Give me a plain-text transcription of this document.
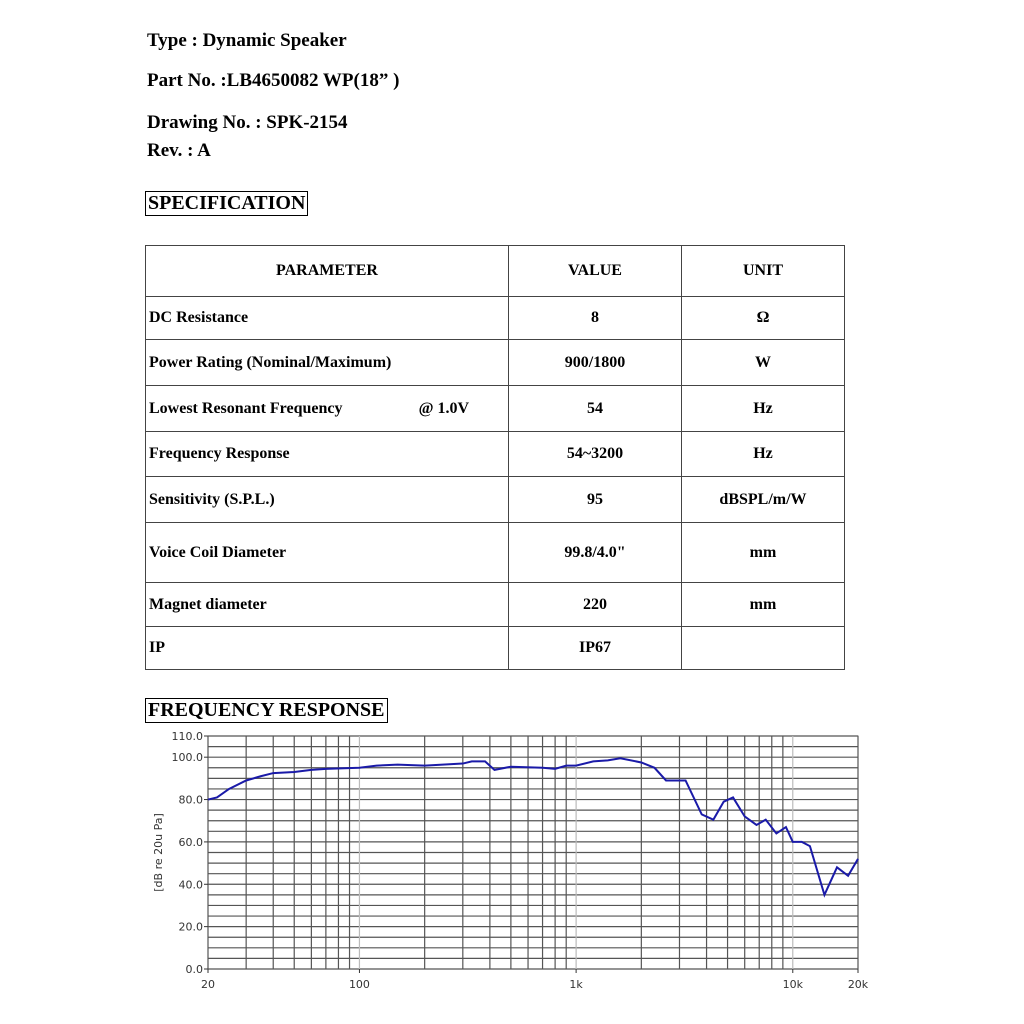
Type : Dynamic Speaker
Part No. :LB4650082 WP(18” )
Drawing No. : SPK-2154
Rev. : A
SPECIFICATION
PARAMETER	VALUE	UNIT
DC Resistance	8	Ω
Power Rating (Nominal/Maximum)	900/1800	W
Lowest Resonant Frequency @ 1.0V	54	Hz
Frequency Response	54~3200	Hz
Sensitivity (S.P.L.)	95	dBSPL/m/W
Voice Coil Diameter	99.8/4.0"	mm
Magnet diameter	220	mm
IP	IP67	
FREQUENCY RESPONSE
0.0
20.0
40.0
60.0
80.0
100.0
110.0
20	100	1k	10k	20k
[dB re 20u Pa]
